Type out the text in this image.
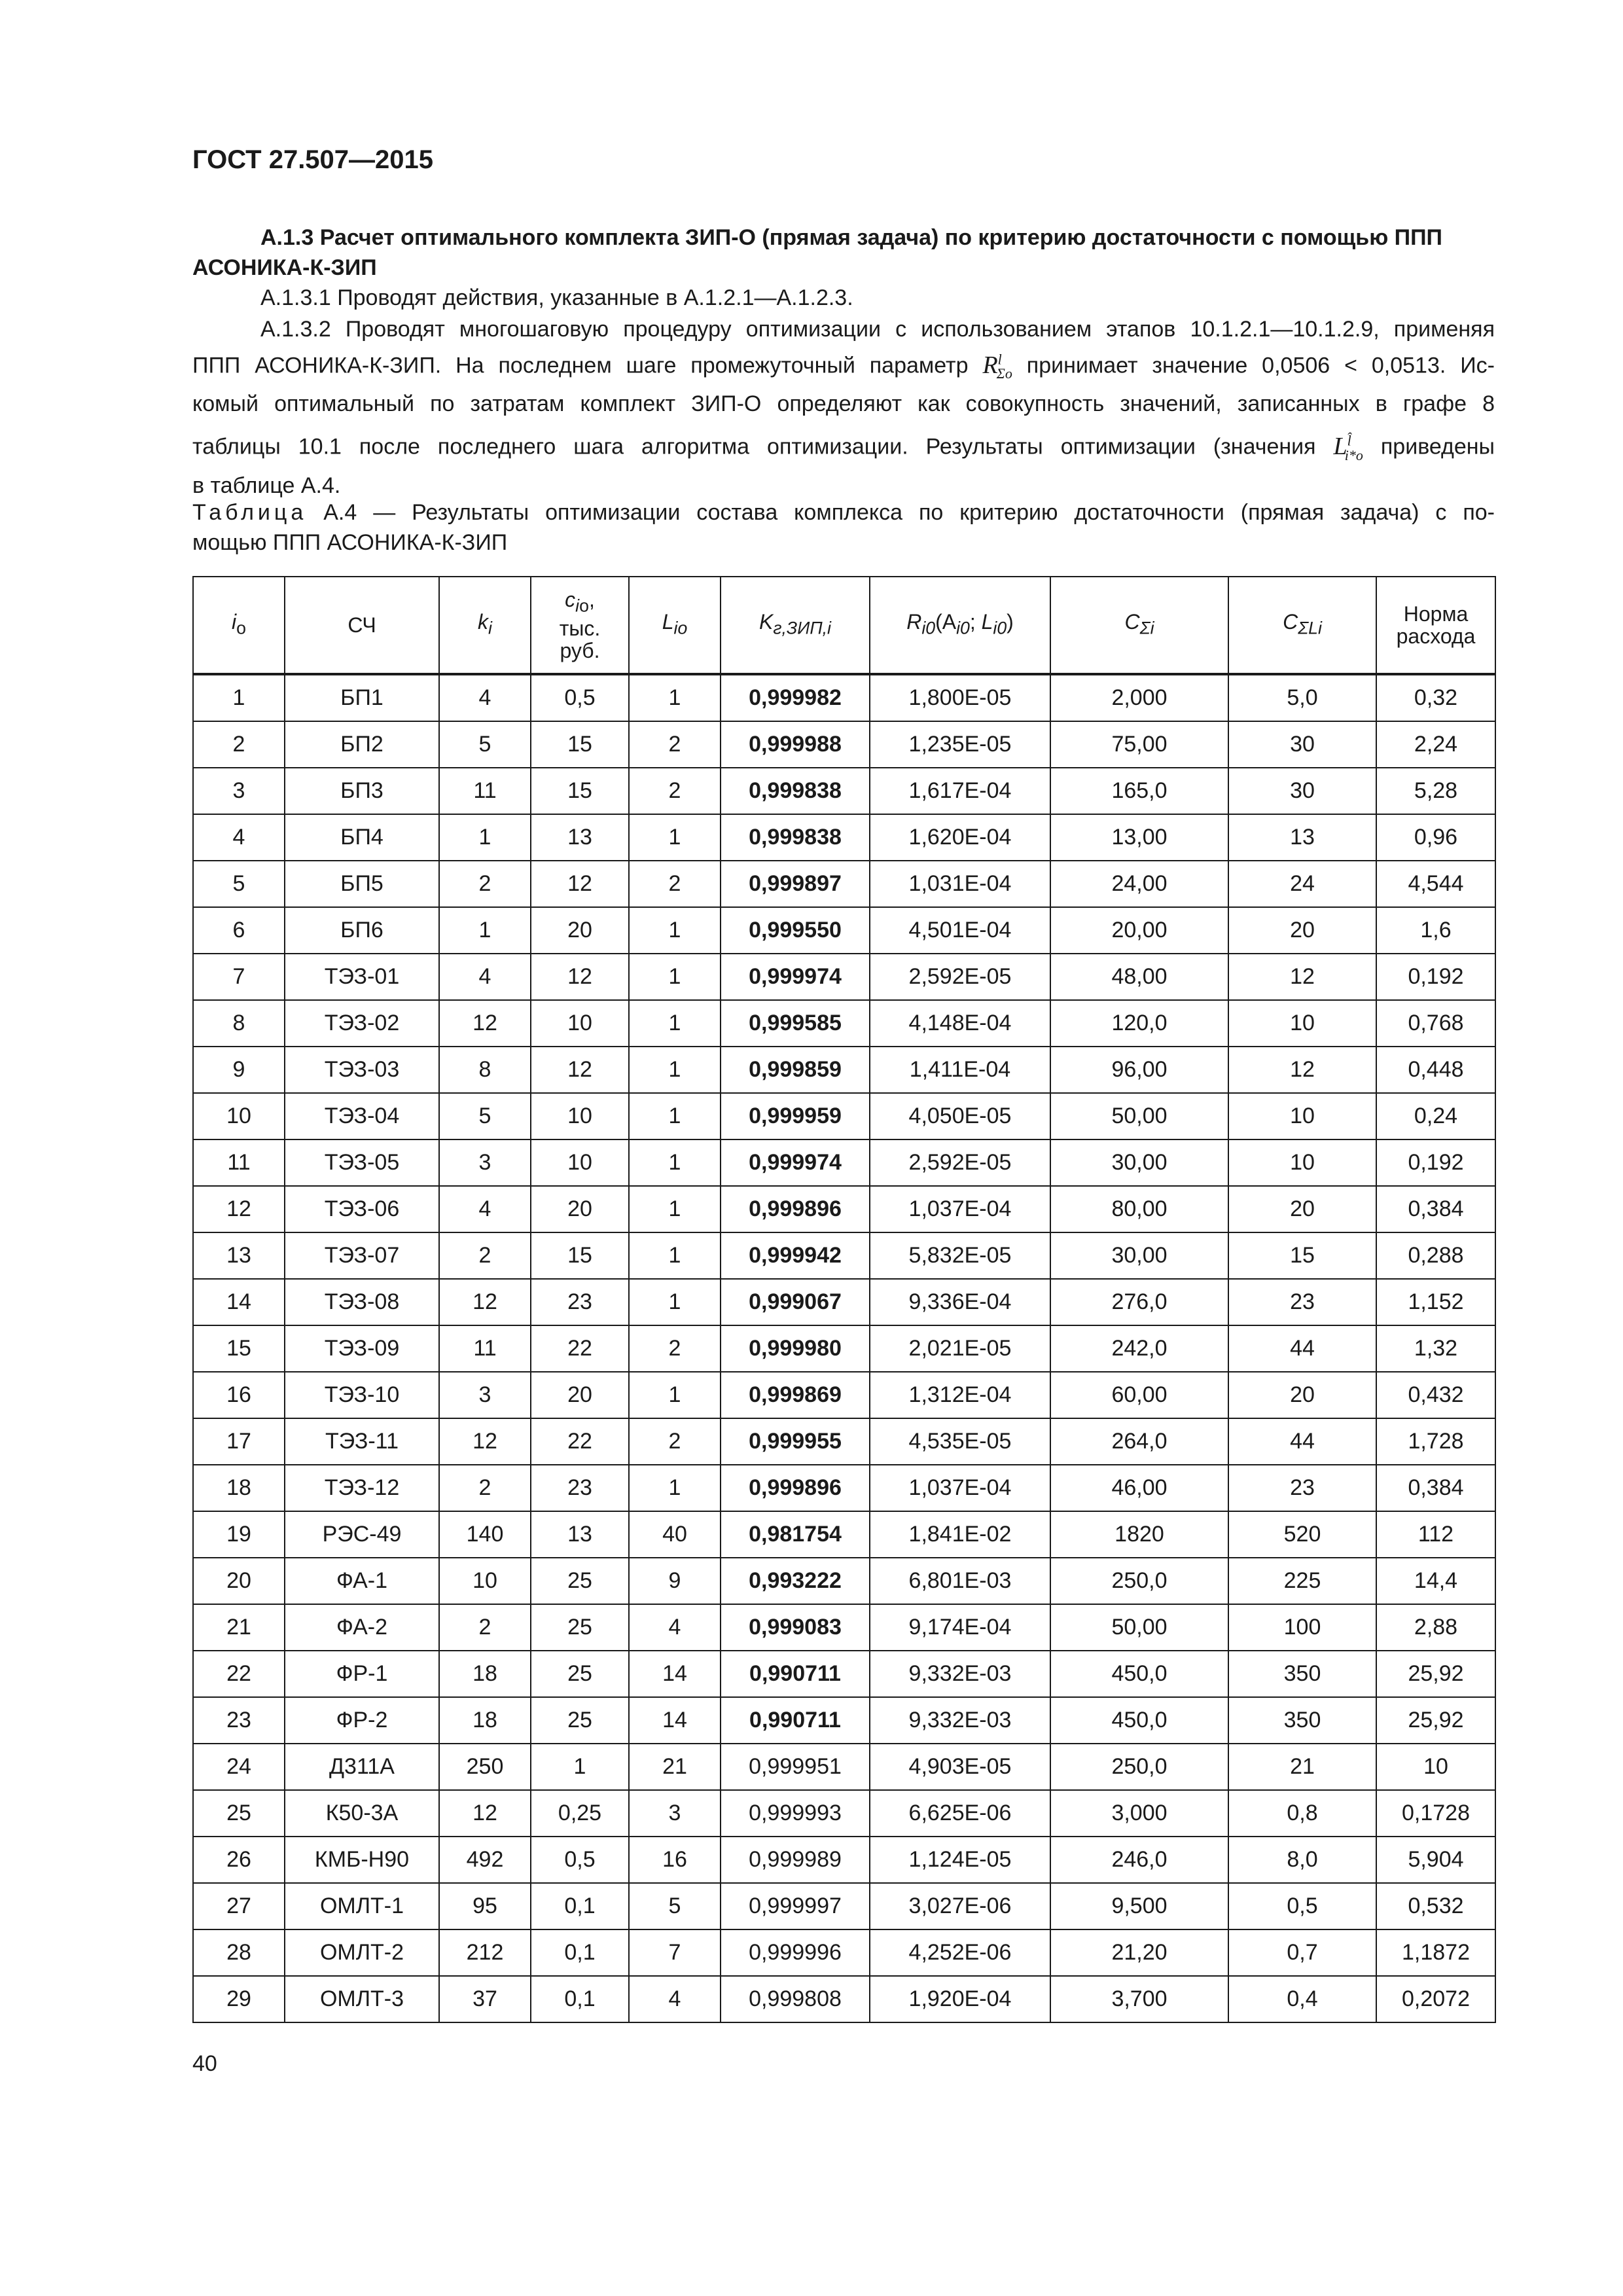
ГОСТ 27.507—2015
А.1.3 Расчет оптимального комплекта ЗИП-О (прямая задача) по критерию достаточности с помощью ППП АСОНИКА-К-ЗИП
А.1.3.1 Проводят действия, указанные в А.1.2.1—А.1.2.3.
А.1.3.2 Проводят многошаговую процедуру оптимизации с использованием этапов 10.1.2.1—10.1.2.9, применяя
ППП АСОНИКА-К-ЗИП. На последнем шаге промежуточный параметр $R^l_{\Sigma o}$ принимает значение 0,0506 < 0,0513. Ис-
комый оптимальный по затратам комплект ЗИП-О определяют как совокупность значений, записанных в графе 8
таблицы 10.1 после последнего шага алгоритма оптимизации. Результаты оптимизации (значения $L^{l̂}_{i*o}$ приведены
в таблице А.4.
Таблица А.4 — Результаты оптимизации состава комплекса по критерию достаточности (прямая задача) с по-
мощью ППП АСОНИКА-К-ЗИП
$i_o$	СЧ	$k_i$	$c_{io}$,
тыс.
руб.	$L_{io}$	$K_{г,ЗИП,i}$	$R_{i0}(А_{i0}$; $L_{i0}$)	$C_{\Sigma i}$	$C_{\Sigma Li}$	Норма
расхода

1	БП1	4	0,5	1	0,999982	1,800E-05	2,000	5,0	0,32
2	БП2	5	15	2	0,999988	1,235E-05	75,00	30	2,24
3	БП3	11	15	2	0,999838	1,617E-04	165,0	30	5,28
4	БП4	1	13	1	0,999838	1,620E-04	13,00	13	0,96
5	БП5	2	12	2	0,999897	1,031E-04	24,00	24	4,544
6	БП6	1	20	1	0,999550	4,501E-04	20,00	20	1,6
7	ТЭЗ-01	4	12	1	0,999974	2,592E-05	48,00	12	0,192
8	ТЭЗ-02	12	10	1	0,999585	4,148E-04	120,0	10	0,768
9	ТЭЗ-03	8	12	1	0,999859	1,411E-04	96,00	12	0,448
10	ТЭЗ-04	5	10	1	0,999959	4,050E-05	50,00	10	0,24
11	ТЭЗ-05	3	10	1	0,999974	2,592E-05	30,00	10	0,192
12	ТЭЗ-06	4	20	1	0,999896	1,037E-04	80,00	20	0,384
13	ТЭЗ-07	2	15	1	0,999942	5,832E-05	30,00	15	0,288
14	ТЭЗ-08	12	23	1	0,999067	9,336E-04	276,0	23	1,152
15	ТЭЗ-09	11	22	2	0,999980	2,021E-05	242,0	44	1,32
16	ТЭЗ-10	3	20	1	0,999869	1,312E-04	60,00	20	0,432
17	ТЭЗ-11	12	22	2	0,999955	4,535E-05	264,0	44	1,728
18	ТЭЗ-12	2	23	1	0,999896	1,037E-04	46,00	23	0,384
19	РЭС-49	140	13	40	0,981754	1,841E-02	1820	520	112
20	ФА-1	10	25	9	0,993222	6,801E-03	250,0	225	14,4
21	ФА-2	2	25	4	0,999083	9,174E-04	50,00	100	2,88
22	ФР-1	18	25	14	0,990711	9,332E-03	450,0	350	25,92
23	ФР-2	18	25	14	0,990711	9,332E-03	450,0	350	25,92
24	Д311А	250	1	21	0,999951	4,903E-05	250,0	21	10
25	К50-3А	12	0,25	3	0,999993	6,625E-06	3,000	0,8	0,1728
26	КМБ-Н90	492	0,5	16	0,999989	1,124E-05	246,0	8,0	5,904
27	ОМЛТ-1	95	0,1	5	0,999997	3,027E-06	9,500	0,5	0,532
28	ОМЛТ-2	212	0,1	7	0,999996	4,252E-06	21,20	0,7	1,1872
29	ОМЛТ-3	37	0,1	4	0,999808	1,920E-04	3,700	0,4	0,2072
40
